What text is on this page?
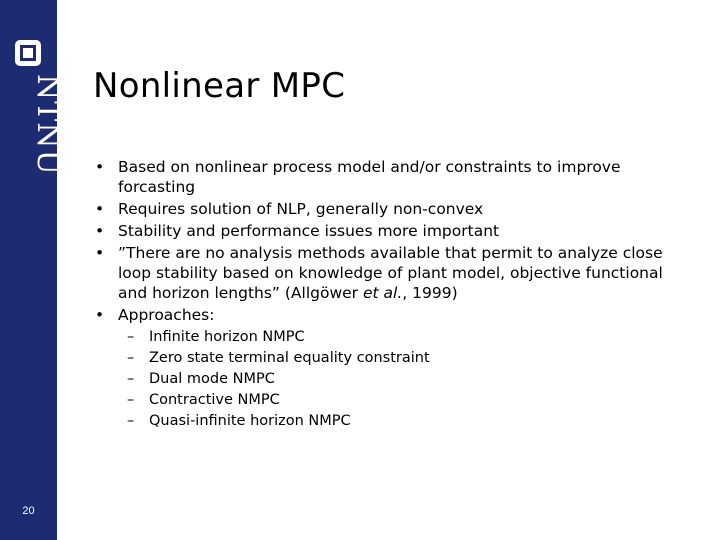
NTNU
20
Nonlinear MPC
• Based on nonlinear process model and/or constraints to improve forcasting
• Requires solution of NLP, generally non-convex
• Stability and performance issues more important
• ”There are no analysis methods available that permit to analyze close loop stability based on knowledge of plant model, objective functional and horizon lengths” (Allgöwer et al., 1999)
• Approaches:
– Infinite horizon NMPC
– Zero state terminal equality constraint
– Dual mode NMPC
– Contractive NMPC
– Quasi-infinite horizon NMPC
